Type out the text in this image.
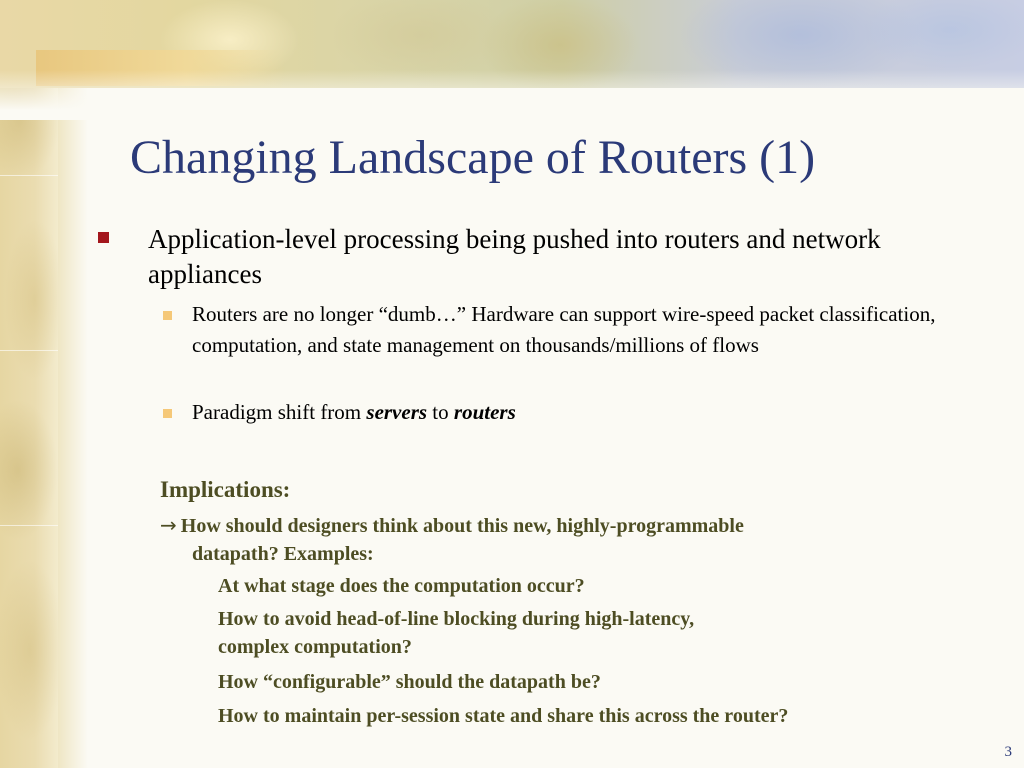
Changing Landscape of Routers (1)
Application-level processing being pushed into routers and network appliances
Routers are no longer “dumb…” Hardware can support wire-speed packet classification, computation, and state management on thousands/millions of flows
Paradigm shift from servers to routers
Implications:
→ How should designers think about this new, highly-programmable
datapath? Examples:
At what stage does the computation occur?
How to avoid head-of-line blocking during high-latency,
complex computation?
How “configurable” should the datapath be?
How to maintain per-session state and share this across the router?
3
